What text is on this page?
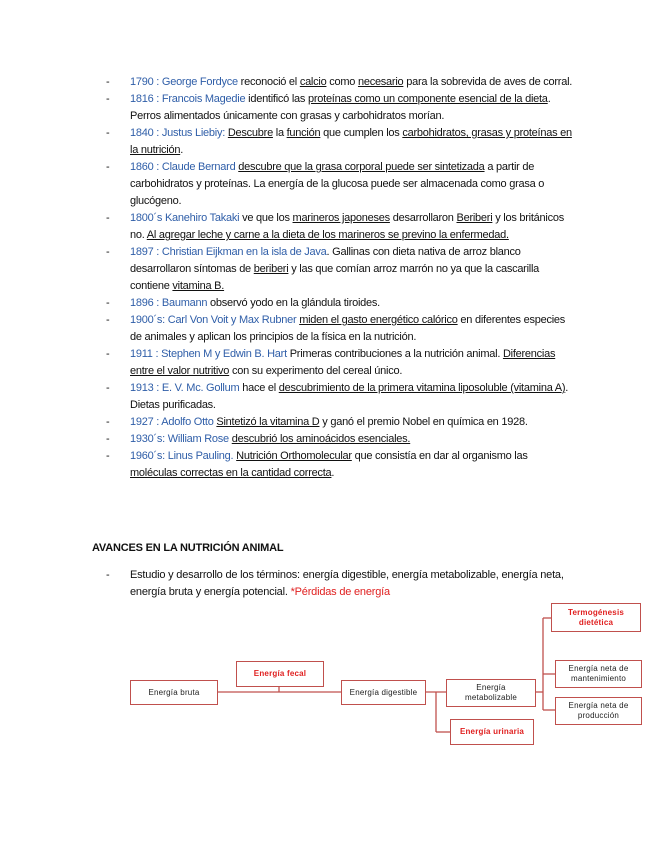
- 1790 : George Fordyce reconoció el calcio como necesario para la sobrevida de aves de corral.
- 1816 : Francois Magedie identificó las proteínas como un componente esencial de la dieta. Perros alimentados únicamente con grasas y carbohidratos morían.
- 1840 : Justus Liebiy: Descubre la función que cumplen los carbohidratos, grasas y proteínas en la nutrición.
- 1860 : Claude Bernard descubre que la grasa corporal puede ser sintetizada a partir de carbohidratos y proteínas. La energía de la glucosa puede ser almacenada como grasa o glucógeno.
- 1800´s Kanehiro Takaki ve que los marineros japoneses desarrollaron Beriberi y los británicos no. Al agregar leche y carne a la dieta de los marineros se previno la enfermedad.
- 1897 : Christian Eijkman en la isla de Java. Gallinas con dieta nativa de arroz blanco desarrollaron síntomas de beriberi y las que comían arroz marrón no ya que la cascarilla contiene vitamina B.
- 1896 : Baumann observó yodo en la glándula tiroides.
- 1900´s: Carl Von Voit y Max Rubner miden el gasto energético calórico en diferentes especies de animales y aplican los principios de la física en la nutrición.
- 1911 : Stephen M y Edwin B. Hart Primeras contribuciones a la nutrición animal. Diferencias entre el valor nutritivo con su experimento del cereal único.
- 1913 : E. V. Mc. Gollum hace el descubrimiento de la primera vitamina liposoluble (vitamina A). Dietas purificadas.
- 1927 : Adolfo Otto Sintetizó la vitamina D y ganó el premio Nobel en química en 1928.
- 1930´s: William Rose descubrió los aminoácidos esenciales.
- 1960´s: Linus Pauling. Nutrición Orthomolecular que consistía en dar al organismo las moléculas correctas en la cantidad correcta.
AVANCES EN LA NUTRICIÓN ANIMAL
- Estudio y desarrollo de los términos: energía digestible, energía metabolizable, energía neta, energía bruta y energía potencial. *Pérdidas de energía
Energía bruta
Energía fecal
Energía digestible	Energía metabolizable
Energía urinaria
Termogénesis dietética
Energía neta de mantenimiento
Energía neta de producción
